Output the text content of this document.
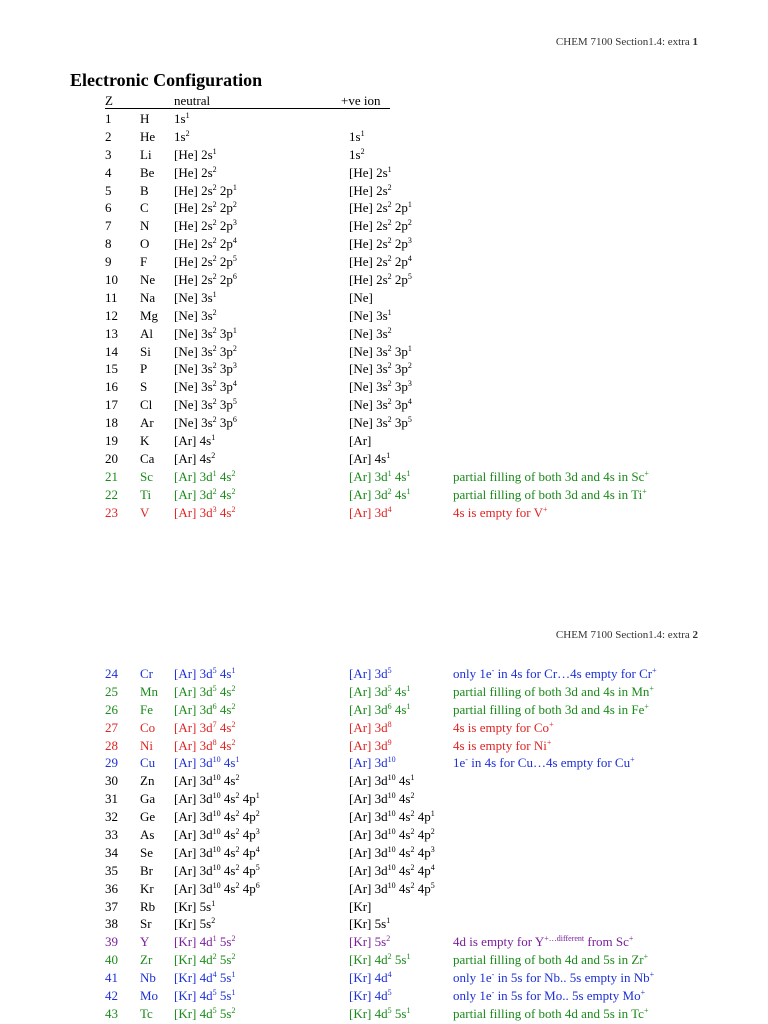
CHEM 7100 Section1.4: extra 1
Electronic Configuration
Z	neutral	+ve ion
1 H $1s^1$
2 He $1s^2$	$1s^1$
3 Li [He] $2s^1$	$1s^2$
4 Be [He] $2s^2$	[He] $2s^1$
5 B [He] $2s^2$ $2p^1$	[He] $2s^2$
6 C [He] $2s^2$ $2p^2$	[He] $2s^2$ $2p^1$
7 N [He] $2s^2$ $2p^3$	[He] $2s^2$ $2p^2$
8 O [He] $2s^2$ $2p^4$	[He] $2s^2$ $2p^3$
9 F [He] $2s^2$ $2p^5$	[He] $2s^2$ $2p^4$
10 Ne [He] $2s^2$ $2p^6$	[He] $2s^2$ $2p^5$
11 Na [Ne] $3s^1$	[Ne]
12 Mg [Ne] $3s^2$	[Ne] $3s^1$
13 Al [Ne] $3s^2$ $3p^1$	[Ne] $3s^2$
14 Si [Ne] $3s^2$ $3p^2$	[Ne] $3s^2$ $3p^1$
15 P [Ne] $3s^2$ $3p^3$	[Ne] $3s^2$ $3p^2$
16 S [Ne] $3s^2$ $3p^4$	[Ne] $3s^2$ $3p^3$
17 Cl [Ne] $3s^2$ $3p^5$	[Ne] $3s^2$ $3p^4$
18 Ar [Ne] $3s^2$ $3p^6$	[Ne] $3s^2$ $3p^5$
19 K [Ar] $4s^1$	[Ar]
20 Ca [Ar] $4s^2$	[Ar] $4s^1$
21 Sc [Ar] $3d^1$ $4s^2$	[Ar] $3d^1$ $4s^1$	partial filling of both 3d and 4s in Sc+
22 Ti [Ar] $3d^2$ $4s^2$	[Ar] $3d^2$ $4s^1$	partial filling of both 3d and 4s in Ti+
23 V [Ar] $3d^3$ $4s^2$	[Ar] $3d^4$	4s is empty for V+
CHEM 7100 Section1.4: extra 2
24 Cr [Ar] $3d^5$ $4s^1$	[Ar] $3d^5$	only 1e- in 4s for Cr…4s empty for Cr+
25 Mn [Ar] $3d^5$ $4s^2$	[Ar] $3d^5$ $4s^1$	partial filling of both 3d and 4s in Mn+
26 Fe [Ar] $3d^6$ $4s^2$	[Ar] $3d^6$ $4s^1$	partial filling of both 3d and 4s in Fe+
27 Co [Ar] $3d^7$ $4s^2$	[Ar] $3d^8$	4s is empty for Co+
28 Ni [Ar] $3d^8$ $4s^2$	[Ar] $3d^9$	4s is empty for Ni+
29 Cu [Ar] $3d^{10}$ $4s^1$	[Ar] $3d^{10}$	1e- in 4s for Cu…4s empty for Cu+
30 Zn [Ar] $3d^{10}$ $4s^2$	[Ar] $3d^{10}$ $4s^1$
31 Ga [Ar] $3d^{10}$ $4s^2$ $4p^1$	[Ar] $3d^{10}$ $4s^2$
32 Ge [Ar] $3d^{10}$ $4s^2$ $4p^2$	[Ar] $3d^{10}$ $4s^2$ $4p^1$
33 As [Ar] $3d^{10}$ $4s^2$ $4p^3$	[Ar] $3d^{10}$ $4s^2$ $4p^2$
34 Se [Ar] $3d^{10}$ $4s^2$ $4p^4$	[Ar] $3d^{10}$ $4s^2$ $4p^3$
35 Br [Ar] $3d^{10}$ $4s^2$ $4p^5$	[Ar] $3d^{10}$ $4s^2$ $4p^4$
36 Kr [Ar] $3d^{10}$ $4s^2$ $4p^6$	[Ar] $3d^{10}$ $4s^2$ $4p^5$
37 Rb [Kr] $5s^1$	[Kr]
38 Sr [Kr] $5s^2$	[Kr] $5s^1$
39 Y [Kr] $4d^1$ $5s^2$	[Kr] $5s^2$	4d is empty for $Y^{+\dots different}$ from Sc+
40 Zr [Kr] $4d^2$ $5s^2$	[Kr] $4d^2$ $5s^1$	partial filling of both 4d and 5s in Zr+
41 Nb [Kr] $4d^4$ $5s^1$	[Kr] $4d^4$	only 1e- in 5s for Nb.. 5s empty in Nb+
42 Mo [Kr] $4d^5$ $5s^1$	[Kr] $4d^5$	only 1e- in 5s for Mo.. 5s empty Mo+
43 Tc [Kr] $4d^5$ $5s^2$	[Kr] $4d^5$ $5s^1$	partial filling of both 4d and 5s in Tc+
